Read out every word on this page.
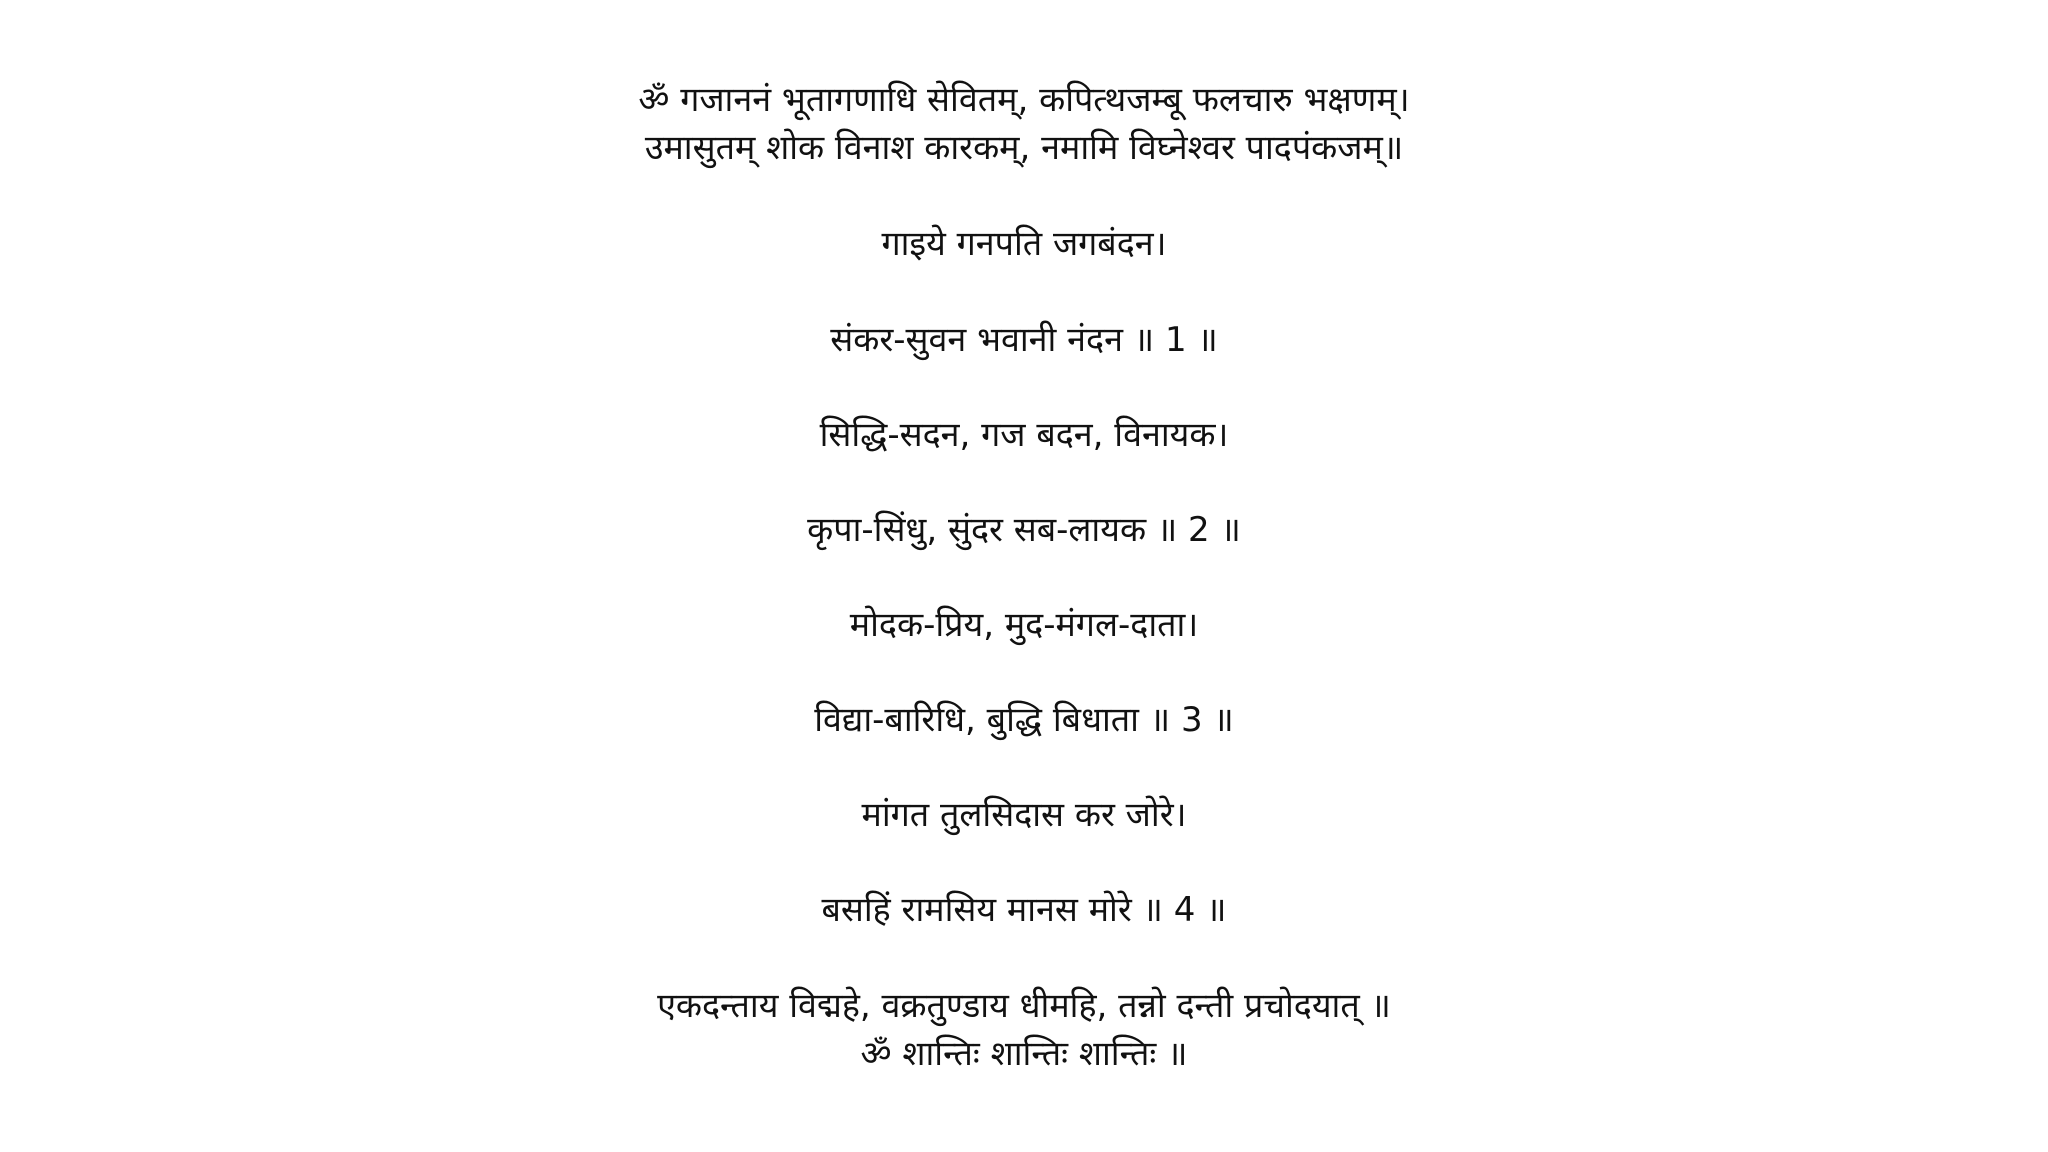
ॐ गजाननं भूतागणाधि सेवितम्, कपित्थजम्बू फलचारु भक्षणम्।
उमासुतम् शोक विनाश कारकम्, नमामि विघ्नेश्वर पादपंकजम्॥
गाइये गनपति जगबंदन।
संकर-सुवन भवानी नंदन ॥ 1 ॥
सिद्धि-सदन, गज बदन, विनायक।
कृपा-सिंधु, सुंदर सब-लायक ॥ 2 ॥
मोदक-प्रिय, मुद-मंगल-दाता।
विद्या-बारिधि, बुद्धि बिधाता ॥ 3 ॥
मांगत तुलसिदास कर जोरे।
बसहिं रामसिय मानस मोरे ॥ 4 ॥
एकदन्ताय विद्महे, वक्रतुण्डाय धीमहि, तन्नो दन्ती प्रचोदयात् ॥
ॐ शान्तिः शान्तिः शान्तिः ॥
